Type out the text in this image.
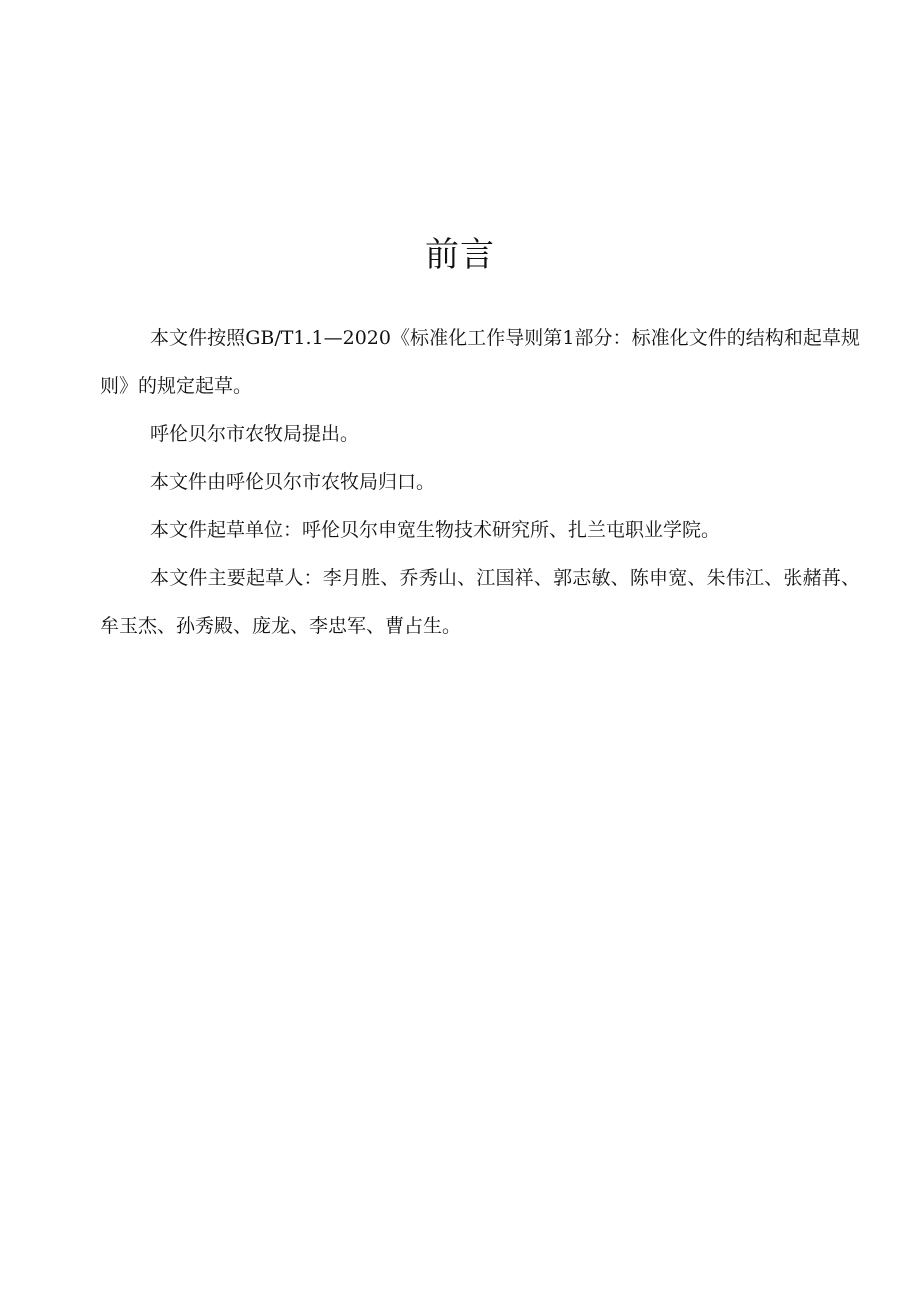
前言

本文件按照GB/T1.1—2020《标准化工作导则第1部分：标准化文件的结构和起草规则》的规定起草。

呼伦贝尔市农牧局提出。

本文件由呼伦贝尔市农牧局归口。

本文件起草单位：呼伦贝尔申宽生物技术研究所、扎兰屯职业学院。

本文件主要起草人：李月胜、乔秀山、江国祥、郭志敏、陈申宽、朱伟江、张赭苒、牟玉杰、孙秀殿、庞龙、李忠军、曹占生。
